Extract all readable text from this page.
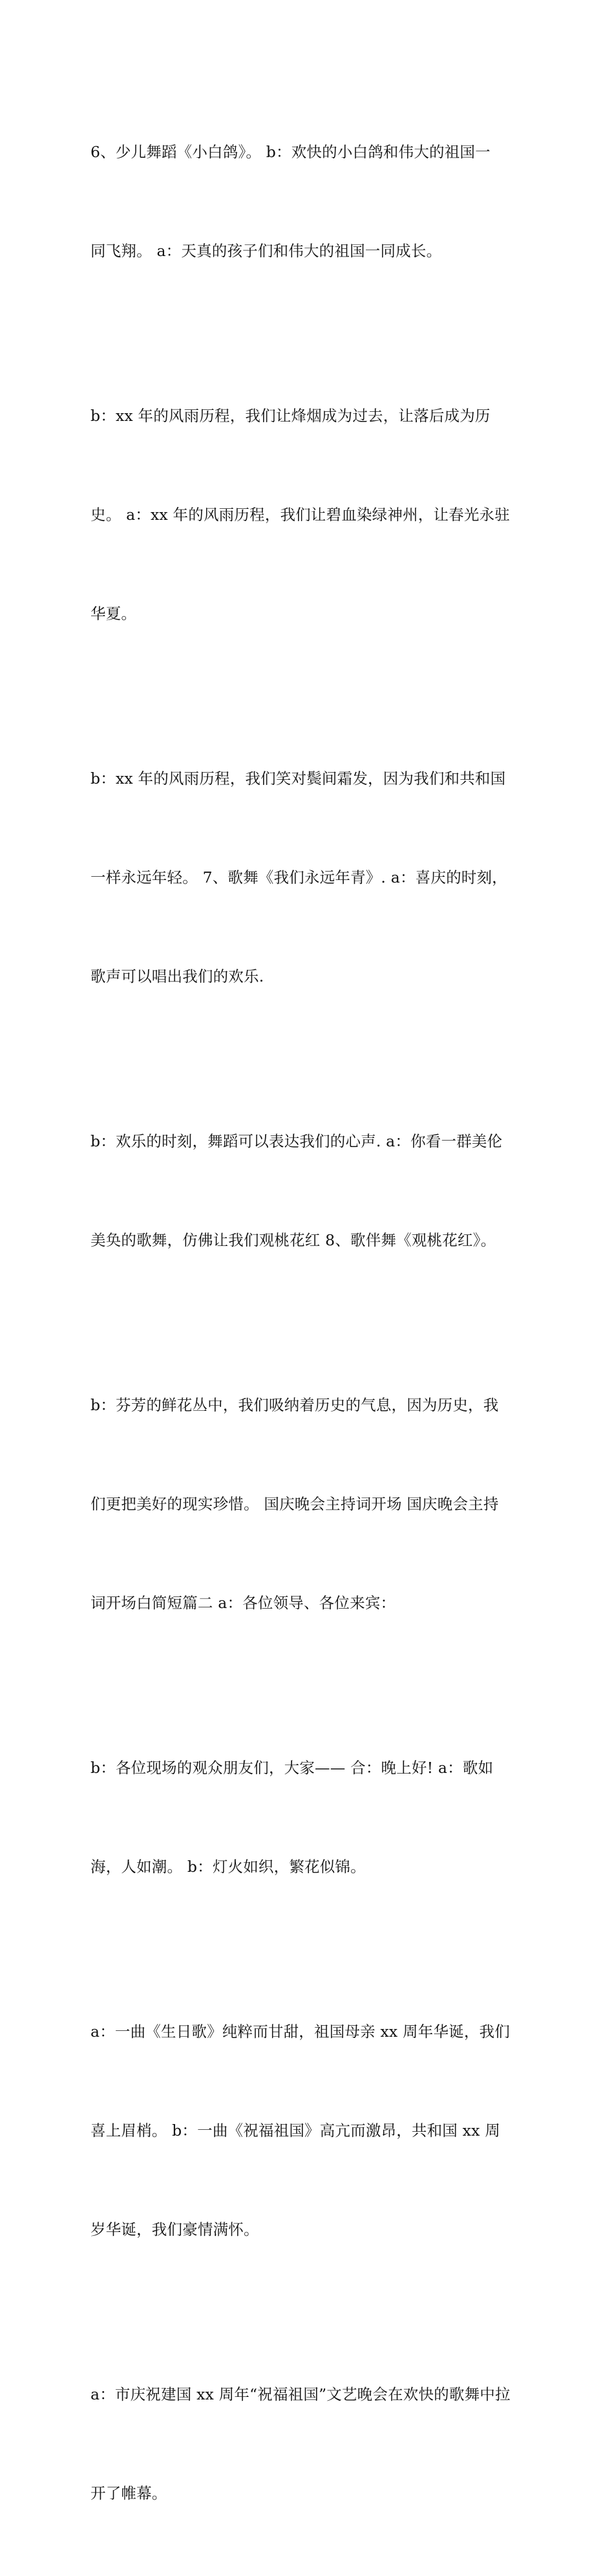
6、少儿舞蹈《小白鸽》。 b：欢快的小白鸽和伟大的祖国一

同飞翔。 a：天真的孩子们和伟大的祖国一同成长。

b：xx 年的风雨历程，我们让烽烟成为过去，让落后成为历

史。 a：xx 年的风雨历程，我们让碧血染绿神州，让春光永驻

华夏。

b：xx 年的风雨历程，我们笑对鬓间霜发，因为我们和共和国

一样永远年轻。 7、歌舞《我们永远年青》. a：喜庆的时刻，

歌声可以唱出我们的欢乐.

b：欢乐的时刻，舞蹈可以表达我们的心声. a：你看一群美伦

美奂的歌舞，仿佛让我们观桃花红 8、歌伴舞《观桃花红》。

b：芬芳的鲜花丛中，我们吸纳着历史的气息，因为历史，我

们更把美好的现实珍惜。 国庆晚会主持词开场 国庆晚会主持

词开场白简短篇二 a：各位领导、各位来宾：

b：各位现场的观众朋友们，大家—— 合：晚上好! a：歌如

海，人如潮。 b：灯火如织，繁花似锦。

a：一曲《生日歌》纯粹而甘甜，祖国母亲 xx 周年华诞，我们

喜上眉梢。 b：一曲《祝福祖国》高亢而激昂，共和国 xx 周

岁华诞，我们豪情满怀。

a：市庆祝建国 xx 周年“祝福祖国”文艺晚会在欢快的歌舞中拉

开了帷幕。
